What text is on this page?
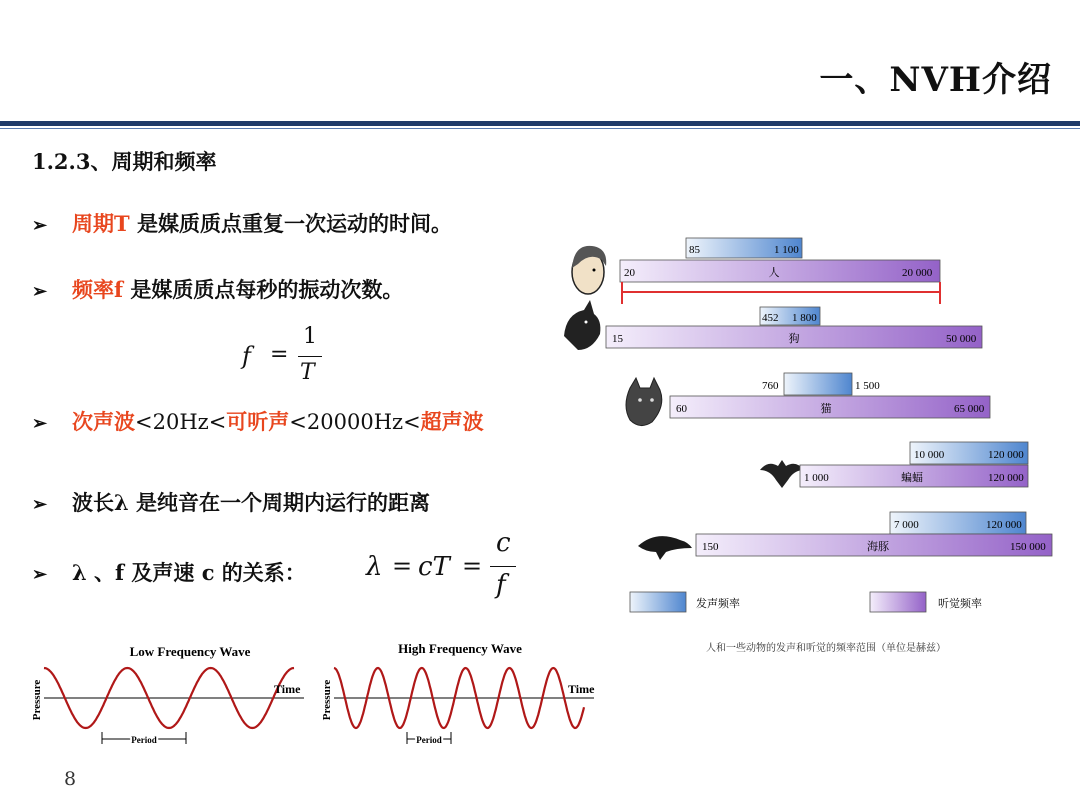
一、NVH介绍
1.2.3、周期和频率
➢ 周期T 是媒质质点重复一次运动的时间。
➢ 频率f 是媒质质点每秒的振动次数。
f =
1
T
➢ 次声波<20Hz<可听声<20000Hz<超声波
➢ 波长λ 是纯音在一个周期内运行的距离
➢ λ 、f 及声速 c 的关系： λ = cT =
c
f
Low Frequency Wave
Pressure	Time
Period
High Frequency Wave
Pressure	Time
Period
85	1 100
20	人	20 000
452 1 800
15	狗	50 000
760	1 500
60	猫	65 000
10 000	120 000
1 000	蝙蝠	120 000
7 000	120 000
150	海豚	150 000
发声频率	听觉频率
人和一些动物的发声和听觉的频率范围（单位是赫兹）
8
